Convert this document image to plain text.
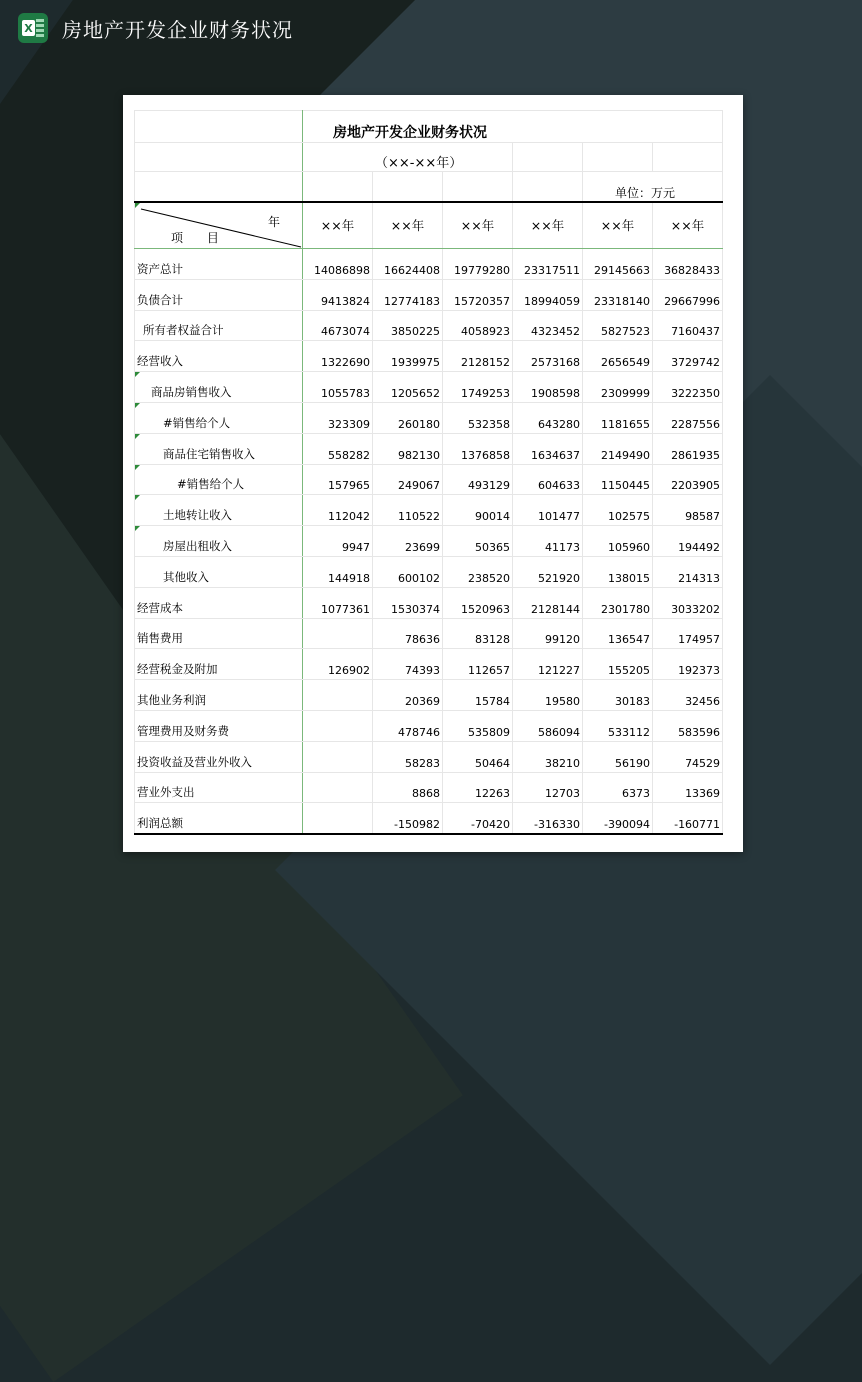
X 房地产开发企业财务状况
	房地产开发企业财务状况					
	（××-××年）					
					单位：万元	

年
项 目	××年	××年	××年	××年	××年	××年
资产总计	14086898	16624408	19779280	23317511	29145663	36828433
负债合计	9413824	12774183	15720357	18994059	23318140	29667996
所有者权益合计	4673074	3850225	4058923	4323452	5827523	7160437
经营收入	1322690	1939975	2128152	2573168	2656549	3729742

商品房销售收入	1055783	1205652	1749253	1908598	2309999	3222350

#销售给个人	323309	260180	532358	643280	1181655	2287556

商品住宅销售收入	558282	982130	1376858	1634637	2149490	2861935

#销售给个人	157965	249067	493129	604633	1150445	2203905

土地转让收入	112042	110522	90014	101477	102575	98587

房屋出租收入	9947	23699	50365	41173	105960	194492
其他收入	144918	600102	238520	521920	138015	214313
经营成本	1077361	1530374	1520963	2128144	2301780	3033202
销售费用		78636	83128	99120	136547	174957
经营税金及附加	126902	74393	112657	121227	155205	192373
其他业务利润		20369	15784	19580	30183	32456
管理费用及财务费		478746	535809	586094	533112	583596
投资收益及营业外收入		58283	50464	38210	56190	74529
营业外支出		8868	12263	12703	6373	13369
利润总额		-150982	-70420	-316330	-390094	-160771
